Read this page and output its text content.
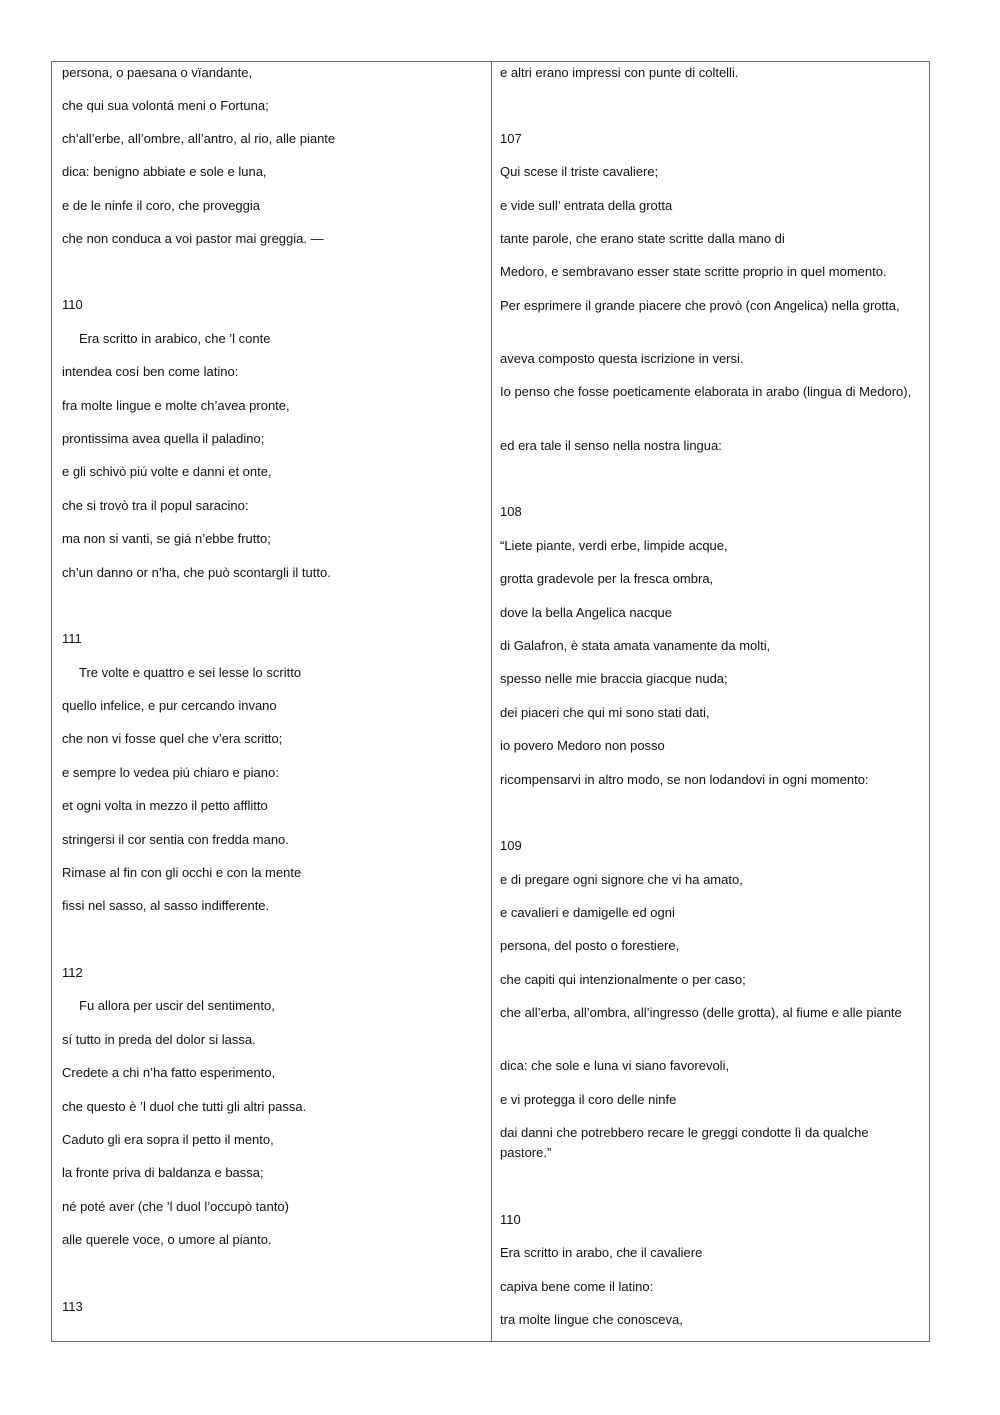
persona, o paesana o vïandante,
che qui sua volontá meni o Fortuna;
ch’all’erbe, all’ombre, all’antro, al rio, alle piante
dica: benigno abbiate e sole e luna,
e de le ninfe il coro, che proveggia
che non conduca a voi pastor mai greggia. —
110
Era scritto in arabico, che ’l conte
intendea cosí ben come latino:
fra molte lingue e molte ch’avea pronte,
prontissima avea quella il paladino;
e gli schivò piú volte e danni et onte,
che si trovò tra il popul saracino:
ma non si vanti, se giá n’ebbe frutto;
ch’un danno or n’ha, che può scontargli il tutto.
111
Tre volte e quattro e sei lesse lo scritto
quello infelice, e pur cercando invano
che non vi fosse quel che v’era scritto;
e sempre lo vedea piú chiaro e piano:
et ogni volta in mezzo il petto afflitto
stringersi il cor sentia con fredda mano.
Rimase al fin con gli occhi e con la mente
fissi nel sasso, al sasso indifferente.
112
Fu allora per uscir del sentimento,
sí tutto in preda del dolor si lassa.
Credete a chi n’ha fatto esperimento,
che questo è ’l duol che tutti gli altri passa.
Caduto gli era sopra il petto il mento,
la fronte priva di baldanza e bassa;
né poté aver (che ’l duol l’occupò tanto)
alle querele voce, o umore al pianto.
113
e altri erano impressi con punte di coltelli.
107
Qui scese il triste cavaliere;
e vide sull’ entrata della grotta
tante parole, che erano state scritte dalla mano di
Medoro, e sembravano esser state scritte proprio in quel momento.
Per esprimere il grande piacere che provò (con Angelica) nella grotta,
aveva composto questa iscrizione in versi.
Io penso che fosse poeticamente elaborata in arabo (lingua di Medoro),
ed era tale il senso nella nostra lingua:
108
“Liete piante, verdi erbe, limpide acque,
grotta gradevole per la fresca ombra,
dove la bella Angelica nacque
di Galafron, è stata amata vanamente da molti,
spesso nelle mie braccia giacque nuda;
dei piaceri che qui mi sono stati dati,
io povero Medoro non posso
ricompensarvi in altro modo, se non lodandovi in ogni momento:
109
e di pregare ogni signore che vi ha amato,
e cavalieri e damigelle ed ogni
persona, del posto o forestiere,
che capiti qui intenzionalmente o per caso;
che all’erba, all’ombra, all’ingresso (delle grotta), al fiume e alle piante
dica: che sole e luna vi siano favorevoli,
e vi protegga il coro delle ninfe
dai danni che potrebbero recare le greggi condotte lì da qualche pastore.”
110
Era scritto in arabo, che il cavaliere
capiva bene come il latino:
tra molte lingue che conosceva,
